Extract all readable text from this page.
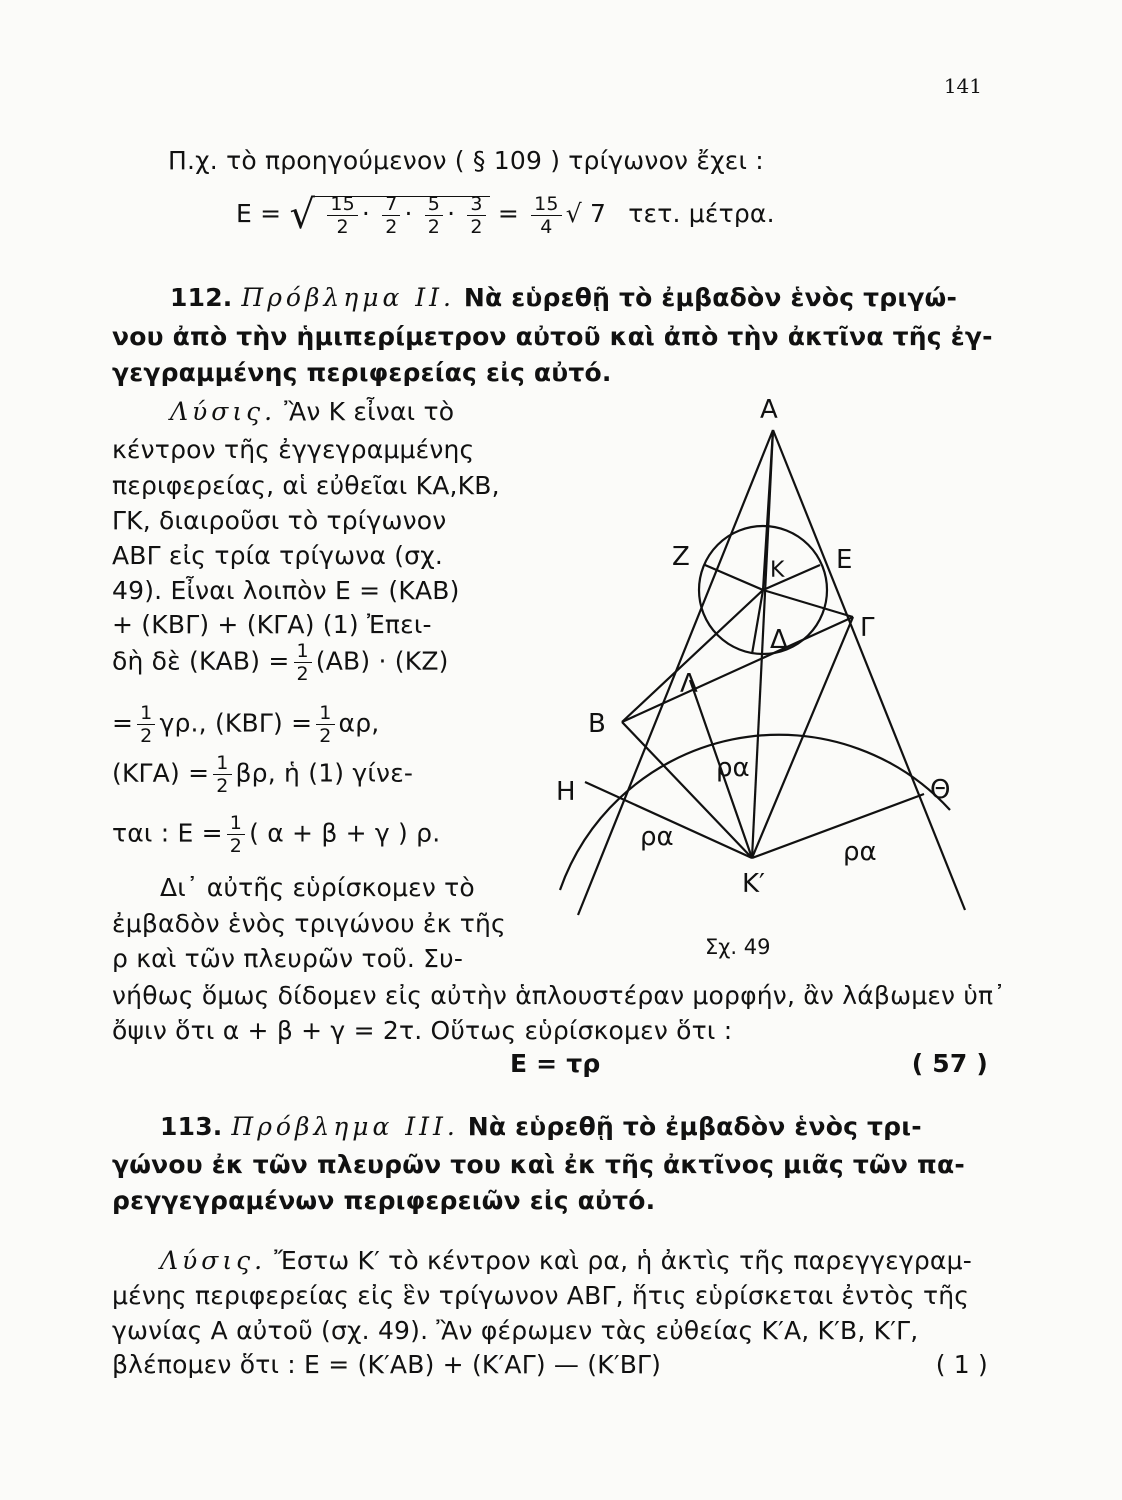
141
Π.χ. τὸ προηγούμενον ( § 109 ) τρίγωνον ἔχει :
Ε = √ $\frac{15}{2} \cdot \frac{7}{2} \cdot \frac{5}{2} \cdot \frac{3}{2} = \frac{15}{4}$ √ 7 τετ. μέτρα.
112. Πρόβλημα ΙΙ. Νὰ εὑρεθῇ τὸ ἐμβαδὸν ἑνὸς τριγώ-
νου ἀπὸ τὴν ἡμιπερίμετρον αὐτοῦ καὶ ἀπὸ τὴν ἀκτῖνα τῆς ἐγ-
γεγραμμένης περιφερείας εἰς αὐτό.
Λύσις. Ἂν Κ εἶναι τὸ
κέντρον τῆς ἐγγεγραμμένης
περιφερείας, αἱ εὐθεῖαι ΚΑ,ΚΒ,
ΓΚ, διαιροῦσι τὸ τρίγωνον
ΑΒΓ εἰς τρία τρίγωνα (σχ.
49). Εἶναι λοιπὸν Ε = (ΚΑΒ)
+ (ΚΒΓ) + (ΚΓΑ) (1) Ἐπει-
δὴ δὲ $(KAB) = \frac{1}{2} (AB) \cdot (KZ)$
= $\frac{1}{2} \gamma\rho$., $(KB\Gamma) = \frac{1}{2} \alpha\rho$,
$(K\Gamma A) = \frac{1}{2} \beta\rho$, ἡ (1) γίνε-
ται : $E = \frac{1}{2}$ ( α + β + γ ) ρ.
Δι᾽ αὐτῆς εὑρίσκομεν τὸ
ἐμβαδὸν ἑνὸς τριγώνου ἐκ τῆς
ρ καὶ τῶν πλευρῶν τοῦ. Συ-
νήθως ὅμως δίδομεν εἰς αὐτὴν ἁπλουστέραν μορφήν, ἂν λάβωμεν ὑπ᾽
ὄψιν ὅτι α + β + γ = 2τ. Οὕτως εὑρίσκομεν ὅτι :
Ε = τρ	( 57 )
113. Πρόβλημα ΙΙΙ. Νὰ εὑρεθῇ τὸ ἐμβαδὸν ἑνὸς τρι-
γώνου ἐκ τῶν πλευρῶν του καὶ ἐκ τῆς ἀκτῖνος μιᾶς τῶν πα-
ρεγγεγραμένων περιφερειῶν εἰς αὐτό.
Λύσις. Ἔστω Κ′ τὸ κέντρον καὶ ρα, ἡ ἀκτὶς τῆς παρεγγεγραμ-
μένης περιφερείας εἰς ἓν τρίγωνον ΑΒΓ, ἥτις εὑρίσκεται ἐντὸς τῆς
γωνίας Α αὐτοῦ (σχ. 49). Ἂν φέρωμεν τὰς εὐθείας Κ′Α, Κ′Β, Κ′Γ,
βλέπομεν ὅτι : Ε = (Κ′ΑΒ) + (Κ′ΑΓ) — (Κ′ΒΓ)	( 1 )
Α
Ζ	Κ Ε
Γ
Δ
Λ
Β
Η	Θ
Κ′
ρα
ρα	ρα
Σχ. 49
